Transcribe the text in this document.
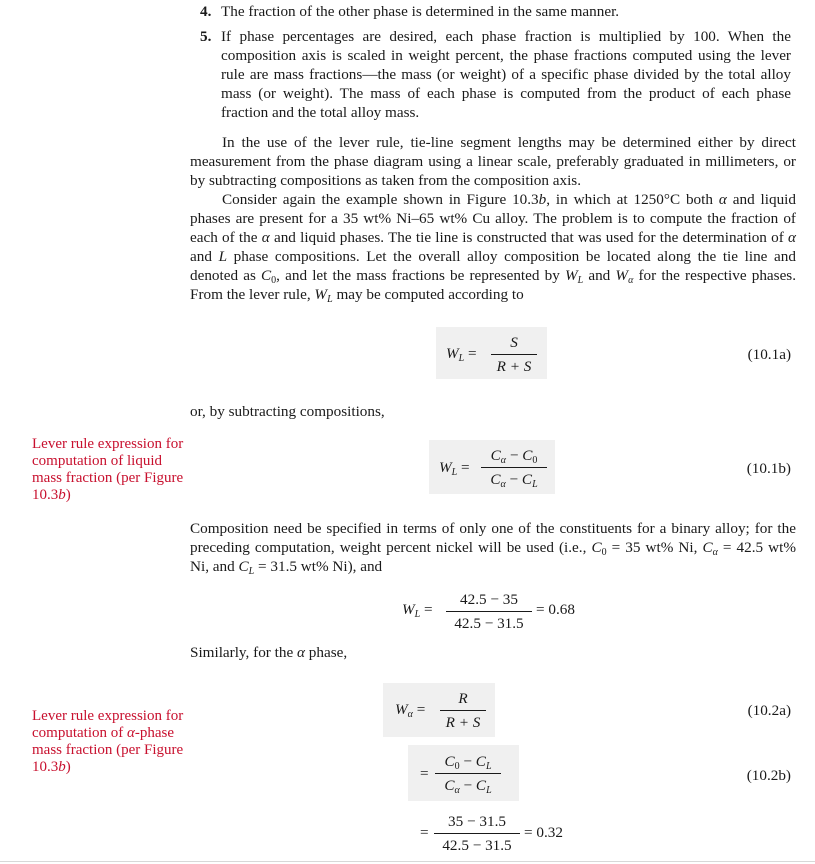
4. The fraction of the other phase is determined in the same manner.

5. If phase percentages are desired, each phase fraction is multiplied by 100. When the composition axis is scaled in weight percent, the phase fractions computed using the lever rule are mass fractions—the mass (or weight) of a specific phase divided by the total alloy mass (or weight). The mass of each phase is computed from the product of each phase fraction and the total alloy mass.

In the use of the lever rule, tie-line segment lengths may be determined either by direct measurement from the phase diagram using a linear scale, preferably graduated in millimeters, or by subtracting compositions as taken from the composition axis.

Consider again the example shown in Figure 10.3b, in which at 1250°C both α and liquid phases are present for a 35 wt% Ni–65 wt% Cu alloy. The problem is to compute the fraction of each of the α and liquid phases. The tie line is constructed that was used for the determination of α and L phase compositions. Let the overall alloy composition be located along the tie line and denoted as $C_0$, and let the mass fractions be represented by $W_L$ and $W_\alpha$ for the respective phases. From the lever rule, $W_L$ may be computed according to

$W_L$ =
S
R + S
(10.1a)

or, by subtracting compositions,

Lever rule expression for computation of liquid mass fraction (per Figure 10.3b)
$W_L$ =
$C_\alpha - C_0$
$C_\alpha - C_L$
(10.1b)

Composition need be specified in terms of only one of the constituents for a binary alloy; for the preceding computation, weight percent nickel will be used (i.e., $C_0 = 35$ wt% Ni, $C_\alpha = 42.5$ wt% Ni, and $C_L = 31.5$ wt% Ni), and

$W_L$ =
42.5 − 35
42.5 − 31.5
= 0.68

Similarly, for the α phase,

Lever rule expression for computation of α-phase mass fraction (per Figure 10.3b)
$W_\alpha$ =
R
R + S
(10.2a)
=
$C_0 - C_L$
$C_\alpha - C_L$
(10.2b)
=
35 − 31.5
42.5 − 31.5
= 0.32
